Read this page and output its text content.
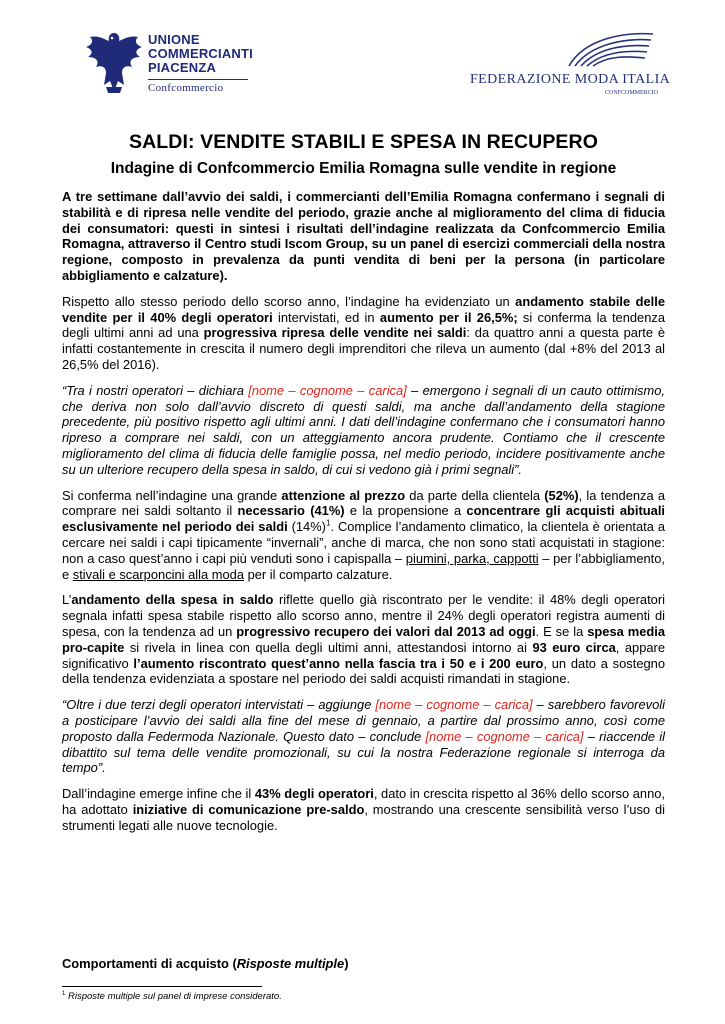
UNIONE
COMMERCIANTI
PIACENZA
Confcommercio
FEDERAZIONE MODA ITALIA
CONFCOMMERCIO
SALDI: VENDITE STABILI E SPESA IN RECUPERO
Indagine di Confcommercio Emilia Romagna sulle vendite in regione

A tre settimane dall’avvio dei saldi, i commercianti dell’Emilia Romagna confermano i segnali di stabilità e di ripresa nelle vendite del periodo, grazie anche al miglioramento del clima di fiducia dei consumatori: questi in sintesi i risultati dell’indagine realizzata da Confcommercio Emilia Romagna, attraverso il Centro studi Iscom Group, su un panel di esercizi commerciali della nostra regione, composto in prevalenza da punti vendita di beni per la persona (in particolare abbigliamento e calzature).

Rispetto allo stesso periodo dello scorso anno, l’indagine ha evidenziato un andamento stabile delle vendite per il 40% degli operatori intervistati, ed in aumento per il 26,5%; si conferma la tendenza degli ultimi anni ad una progressiva ripresa delle vendite nei saldi: da quattro anni a questa parte è infatti costantemente in crescita il numero degli imprenditori che rileva un aumento (dal +8% del 2013 al 26,5% del 2016).

“Tra i nostri operatori – dichiara [nome – cognome – carica] – emergono i segnali di un cauto ottimismo, che deriva non solo dall’avvio discreto di questi saldi, ma anche dall’andamento della stagione precedente, più positivo rispetto agli ultimi anni. I dati dell’indagine confermano che i consumatori hanno ripreso a comprare nei saldi, con un atteggiamento ancora prudente. Contiamo che il crescente miglioramento del clima di fiducia delle famiglie possa, nel medio periodo, incidere positivamente anche su un ulteriore recupero della spesa in saldo, di cui si vedono già i primi segnali”.

Si conferma nell’indagine una grande attenzione al prezzo da parte della clientela (52%), la tendenza a comprare nei saldi soltanto il necessario (41%) e la propensione a concentrare gli acquisti abituali esclusivamente nel periodo dei saldi $(14\%)^1$. Complice l’andamento climatico, la clientela è orientata a cercare nei saldi i capi tipicamente “invernali”, anche di marca, che non sono stati acquistati in stagione: non a caso quest’anno i capi più venduti sono i capispalla – piumini, parka, cappotti – per l’abbigliamento, e stivali e scarponcini alla moda per il comparto calzature.

L’andamento della spesa in saldo riflette quello già riscontrato per le vendite: il 48% degli operatori segnala infatti spesa stabile rispetto allo scorso anno, mentre il 24% degli operatori registra aumenti di spesa, con la tendenza ad un progressivo recupero dei valori dal 2013 ad oggi. E se la spesa media pro-capite si rivela in linea con quella degli ultimi anni, attestandosi intorno ai 93 euro circa, appare significativo l’aumento riscontrato quest’anno nella fascia tra i 50 e i 200 euro, un dato a sostegno della tendenza evidenziata a spostare nel periodo dei saldi acquisti rimandati in stagione.

“Oltre i due terzi degli operatori intervistati – aggiunge [nome – cognome – carica] – sarebbero favorevoli a posticipare l’avvio dei saldi alla fine del mese di gennaio, a partire dal prossimo anno, così come proposto dalla Federmoda Nazionale. Questo dato – conclude [nome – cognome – carica] – riaccende il dibattito sul tema delle vendite promozionali, su cui la nostra Federazione regionale si interroga da tempo”.

Dall’indagine emerge infine che il 43% degli operatori, dato in crescita rispetto al 36% dello scorso anno, ha adottato iniziative di comunicazione pre-saldo, mostrando una crescente sensibilità verso l’uso di strumenti legati alle nuove tecnologie.

Comportamenti di acquisto (Risposte multiple)
$^1$ Risposte multiple sul panel di imprese considerato.
